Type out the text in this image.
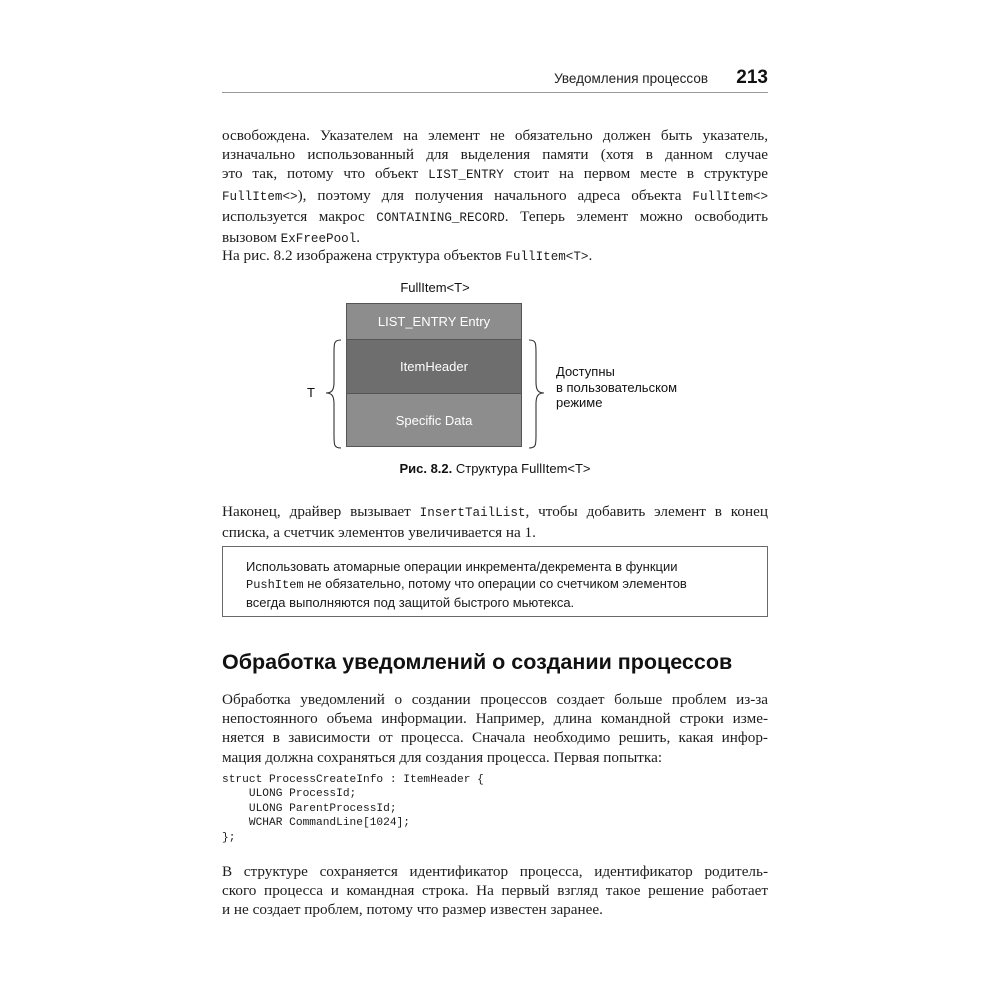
Уведомления процессов 213
освобождена. Указателем на элемент не обязательно должен быть указатель,
изначально использованный для выделения памяти (хотя в данном случае
это так, потому что объект LIST_ENTRY стоит на первом месте в структуре
FullItem<>), поэтому для получения начального адреса объекта FullItem<>
используется макрос CONTAINING_RECORD. Теперь элемент можно освободить
вызовом ExFreePool.
На рис. 8.2 изображена структура объектов FullItem<T>.
FullItem<T>
LIST_ENTRY Entry
ItemHeader
Specific Data
T
Доступны
в пользовательском
режиме
Рис. 8.2. Структура FullItem<T>
Наконец, драйвер вызывает InsertTailList, чтобы добавить элемент в конец
списка, а счетчик элементов увеличивается на 1.
Использовать атомарные операции инкремента/декремента в функции
PushItem не обязательно, потому что операции со счетчиком элементов
всегда выполняются под защитой быстрого мьютекса.
Обработка уведомлений о создании процессов
Обработка уведомлений о создании процессов создает больше проблем из-за
непостоянного объема информации. Например, длина командной строки изме-
няется в зависимости от процесса. Сначала необходимо решить, какая инфор-
мация должна сохраняться для создания процесса. Первая попытка:
struct ProcessCreateInfo : ItemHeader {
ULONG ProcessId;
ULONG ParentProcessId;
WCHAR CommandLine[1024];
};
В структуре сохраняется идентификатор процесса, идентификатор родитель-
ского процесса и командная строка. На первый взгляд такое решение работает
и не создает проблем, потому что размер известен заранее.
